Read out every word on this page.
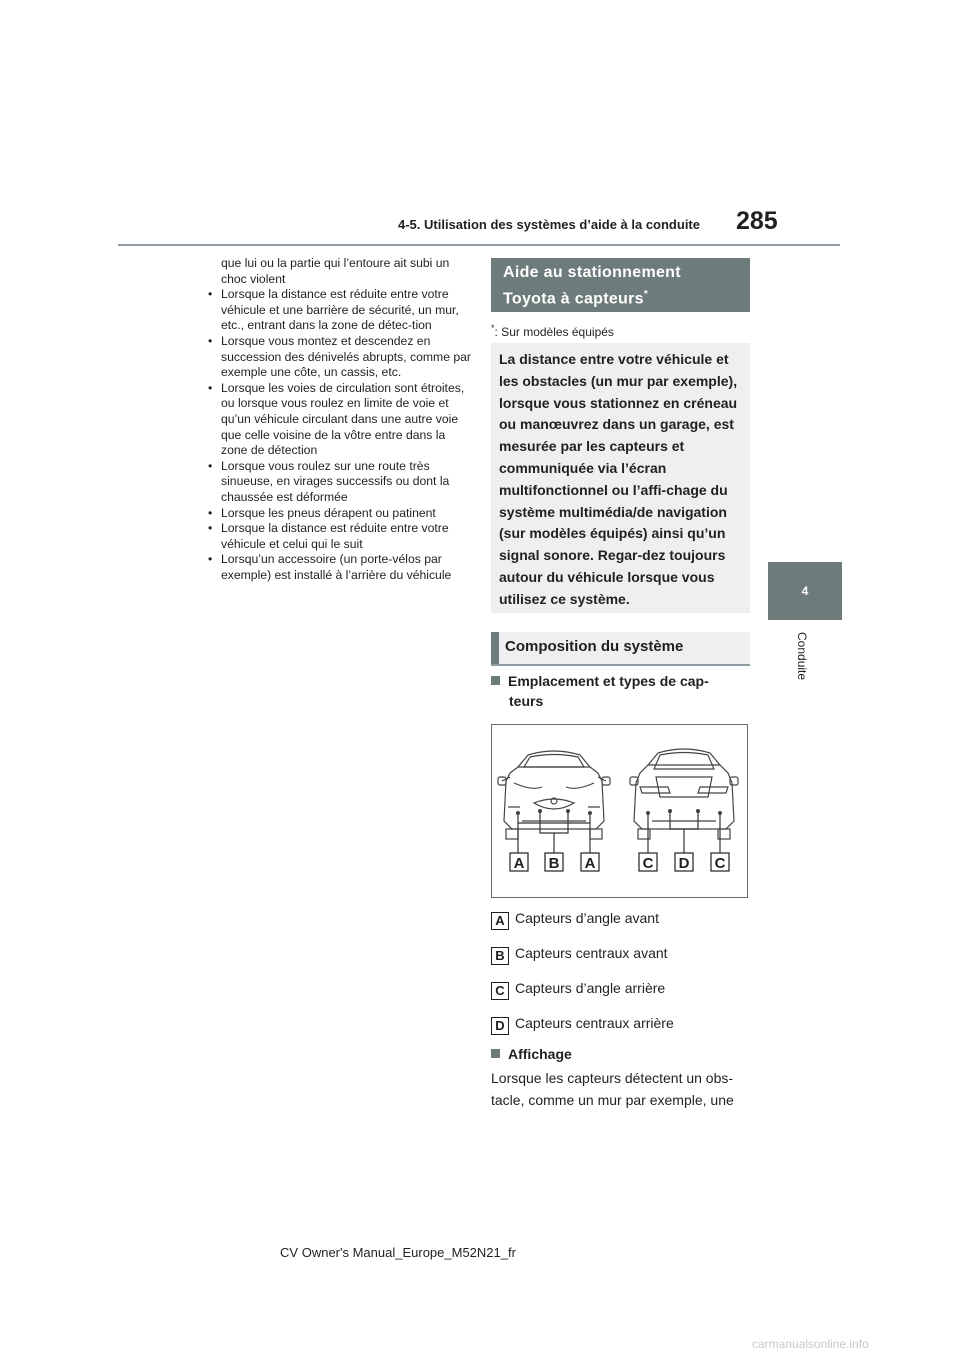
4-5. Utilisation des systèmes d’aide à la conduite 285
4
Conduite
que lui ou la partie qui l’entoure ait subi un choc violent
• Lorsque la distance est réduite entre votre véhicule et une barrière de sécurité, un mur, etc., entrant dans la zone de détec-tion
• Lorsque vous montez et descendez en succession des dénivelés abrupts, comme par exemple une côte, un cassis, etc.
• Lorsque les voies de circulation sont étroites, ou lorsque vous roulez en limite de voie et qu’un véhicule circulant dans une autre voie que celle voisine de la vôtre entre dans la zone de détection
• Lorsque vous roulez sur une route très sinueuse, en virages successifs ou dont la chaussée est déformée
• Lorsque les pneus dérapent ou patinent
• Lorsque la distance est réduite entre votre véhicule et celui qui le suit
• Lorsqu’un accessoire (un porte-vélos par exemple) est installé à l’arrière du véhicule
Aide au stationnement
Toyota à capteurs*
*: Sur modèles équipés
La distance entre votre véhicule et les obstacles (un mur par exemple), lorsque vous stationnez en créneau ou manœuvrez dans un garage, est mesurée par les capteurs et communiquée via l’écran multifonctionnel ou l’affi-chage du système multimédia/de navigation (sur modèles équipés) ainsi qu’un signal sonore. Regar-dez toujours autour du véhicule lorsque vous utilisez ce système.
Composition du système
Emplacement et types de cap-
teurs
A B A	C D C
A Capteurs d’angle avant
B Capteurs centraux avant
C Capteurs d’angle arrière
D Capteurs centraux arrière
Affichage
Lorsque les capteurs détectent un obs-tacle, comme un mur par exemple, une
CV Owner's Manual_Europe_M52N21_fr
carmanualsonline.info
